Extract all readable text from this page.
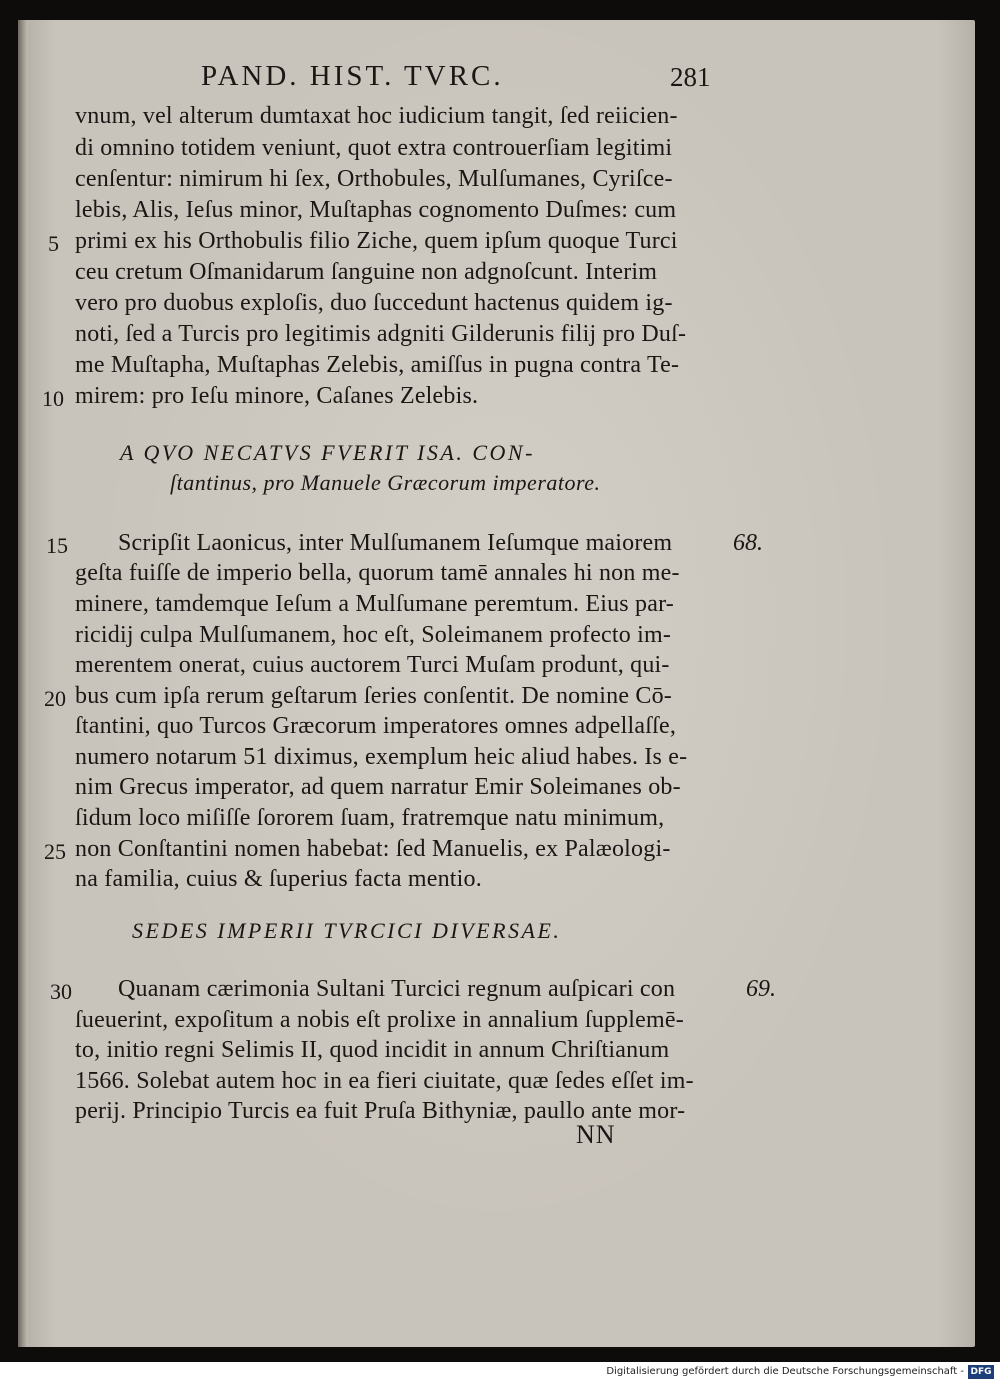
PAND. HIST. TVRC.	281
vnum, vel alterum dumtaxat hoc iudicium tangit, ſed reiicien-
di omnino totidem veniunt, quot extra controuerſiam legitimi
cenſentur: nimirum hi ſex, Orthobules, Mulſumanes, Cyriſce-
lebis, Alis, Ieſus minor, Muſtaphas cognomento Duſmes: cum
primi ex his Orthobulis filio Ziche, quem ipſum quoque Turci
ceu cretum Oſmanidarum ſanguine non adgnoſcunt. Interim
vero pro duobus exploſis, duo ſuccedunt hactenus quidem ig-
noti, ſed a Turcis pro legitimis adgniti Gilderunis filij pro Duſ-
me Muſtapha, Muſtaphas Zelebis, amiſſus in pugna contra Te-
mirem: pro Ieſu minore, Caſanes Zelebis.
A QVO NECATVS FVERIT ISA. CON-
ſtantinus, pro Manuele Græcorum imperatore.
Scripſit Laonicus, inter Mulſumanem Ieſumque maiorem
geſta fuiſſe de imperio bella, quorum tamē annales hi non me-
minere, tamdemque Ieſum a Mulſumane peremtum. Eius par-
ricidij culpa Mulſumanem, hoc eſt, Soleimanem profecto im-
merentem onerat, cuius auctorem Turci Muſam produnt, qui-
bus cum ipſa rerum geſtarum ſeries conſentit. De nomine Cō-
ſtantini, quo Turcos Græcorum imperatores omnes adpellaſſe,
numero notarum 51 diximus, exemplum heic aliud habes. Is e-
nim Grecus imperator, ad quem narratur Emir Soleimanes ob-
ſidum loco miſiſſe ſororem ſuam, fratremque natu minimum,
non Conſtantini nomen habebat: ſed Manuelis, ex Palæologi-
na familia, cuius & ſuperius facta mentio.
SEDES IMPERII TVRCICI DIVERSAE.
Quanam cærimonia Sultani Turcici regnum auſpicari con
ſueuerint, expoſitum a nobis eſt prolixe in annalium ſupplemē-
to, initio regni Selimis II, quod incidit in annum Chriſtianum
1566. Solebat autem hoc in ea fieri ciuitate, quæ ſedes eſſet im-
perij. Principio Turcis ea fuit Pruſa Bithyniæ, paullo ante mor-
NN
5
10
15
20
25
30
68.
69.
Digitalisierung gefördert durch die Deutsche Forschungsgemeinschaft - DFG
